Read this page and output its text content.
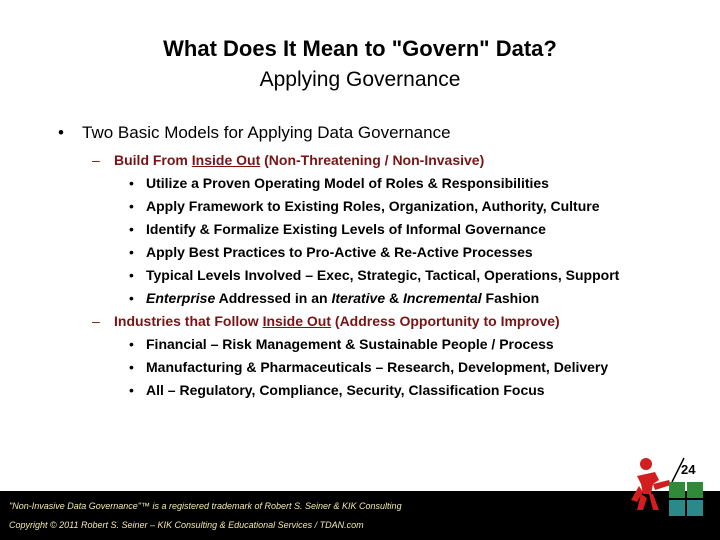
What Does It Mean to "Govern" Data?
Applying Governance
• Two Basic Models for Applying Data Governance
– Build From Inside Out (Non-Threatening / Non-Invasive)
• Utilize a Proven Operating Model of Roles & Responsibilities
• Apply Framework to Existing Roles, Organization, Authority, Culture
• Identify & Formalize Existing Levels of Informal Governance
• Apply Best Practices to Pro-Active & Re-Active Processes
• Typical Levels Involved – Exec, Strategic, Tactical, Operations, Support
• Enterprise Addressed in an Iterative & Incremental Fashion
– Industries that Follow Inside Out (Address Opportunity to Improve)
• Financial – Risk Management & Sustainable People / Process
• Manufacturing & Pharmaceuticals – Research, Development, Delivery
• All – Regulatory, Compliance, Security, Classification Focus
24
"Non-Invasive Data Governance"™ is a registered trademark of Robert S. Seiner & KIK Consulting
Copyright © 2011 Robert S. Seiner – KIK Consulting & Educational Services / TDAN.com
